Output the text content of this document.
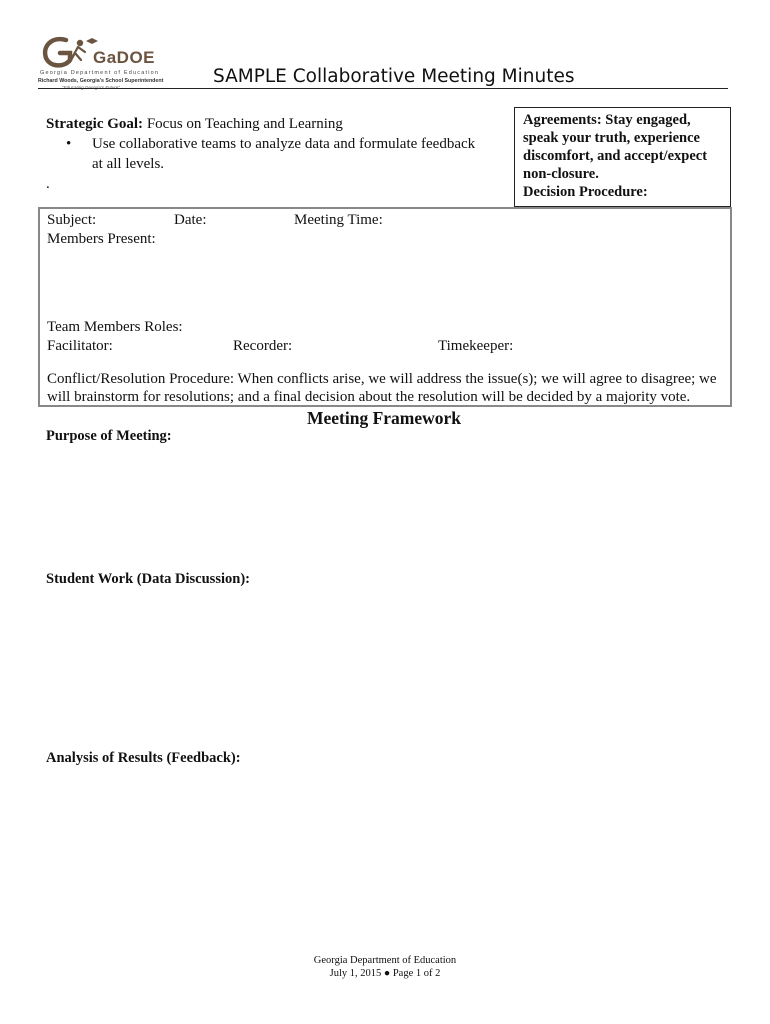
GaDOE
Georgia Department of Education
Richard Woods, Georgia's School Superintendent
"Educating Georgia's Future"
SAMPLE Collaborative Meeting Minutes
Strategic Goal: Focus on Teaching and Learning
• Use collaborative teams to analyze data and formulate feedback at all levels.
.
Agreements: Stay engaged, speak your truth, experience discomfort, and accept/expect non-closure.
Decision Procedure:
Subject:	Date:	Meeting Time:
Members Present:
Team Members Roles:
Facilitator:	Recorder:	Timekeeper:
Conflict/Resolution Procedure: When conflicts arise, we will address the issue(s); we will agree to disagree; we will brainstorm for resolutions; and a final decision about the resolution will be decided by a majority vote.
Meeting Framework
Purpose of Meeting:
Student Work (Data Discussion):
Analysis of Results (Feedback):
Georgia Department of Education
July 1, 2015 ● Page 1 of 2
